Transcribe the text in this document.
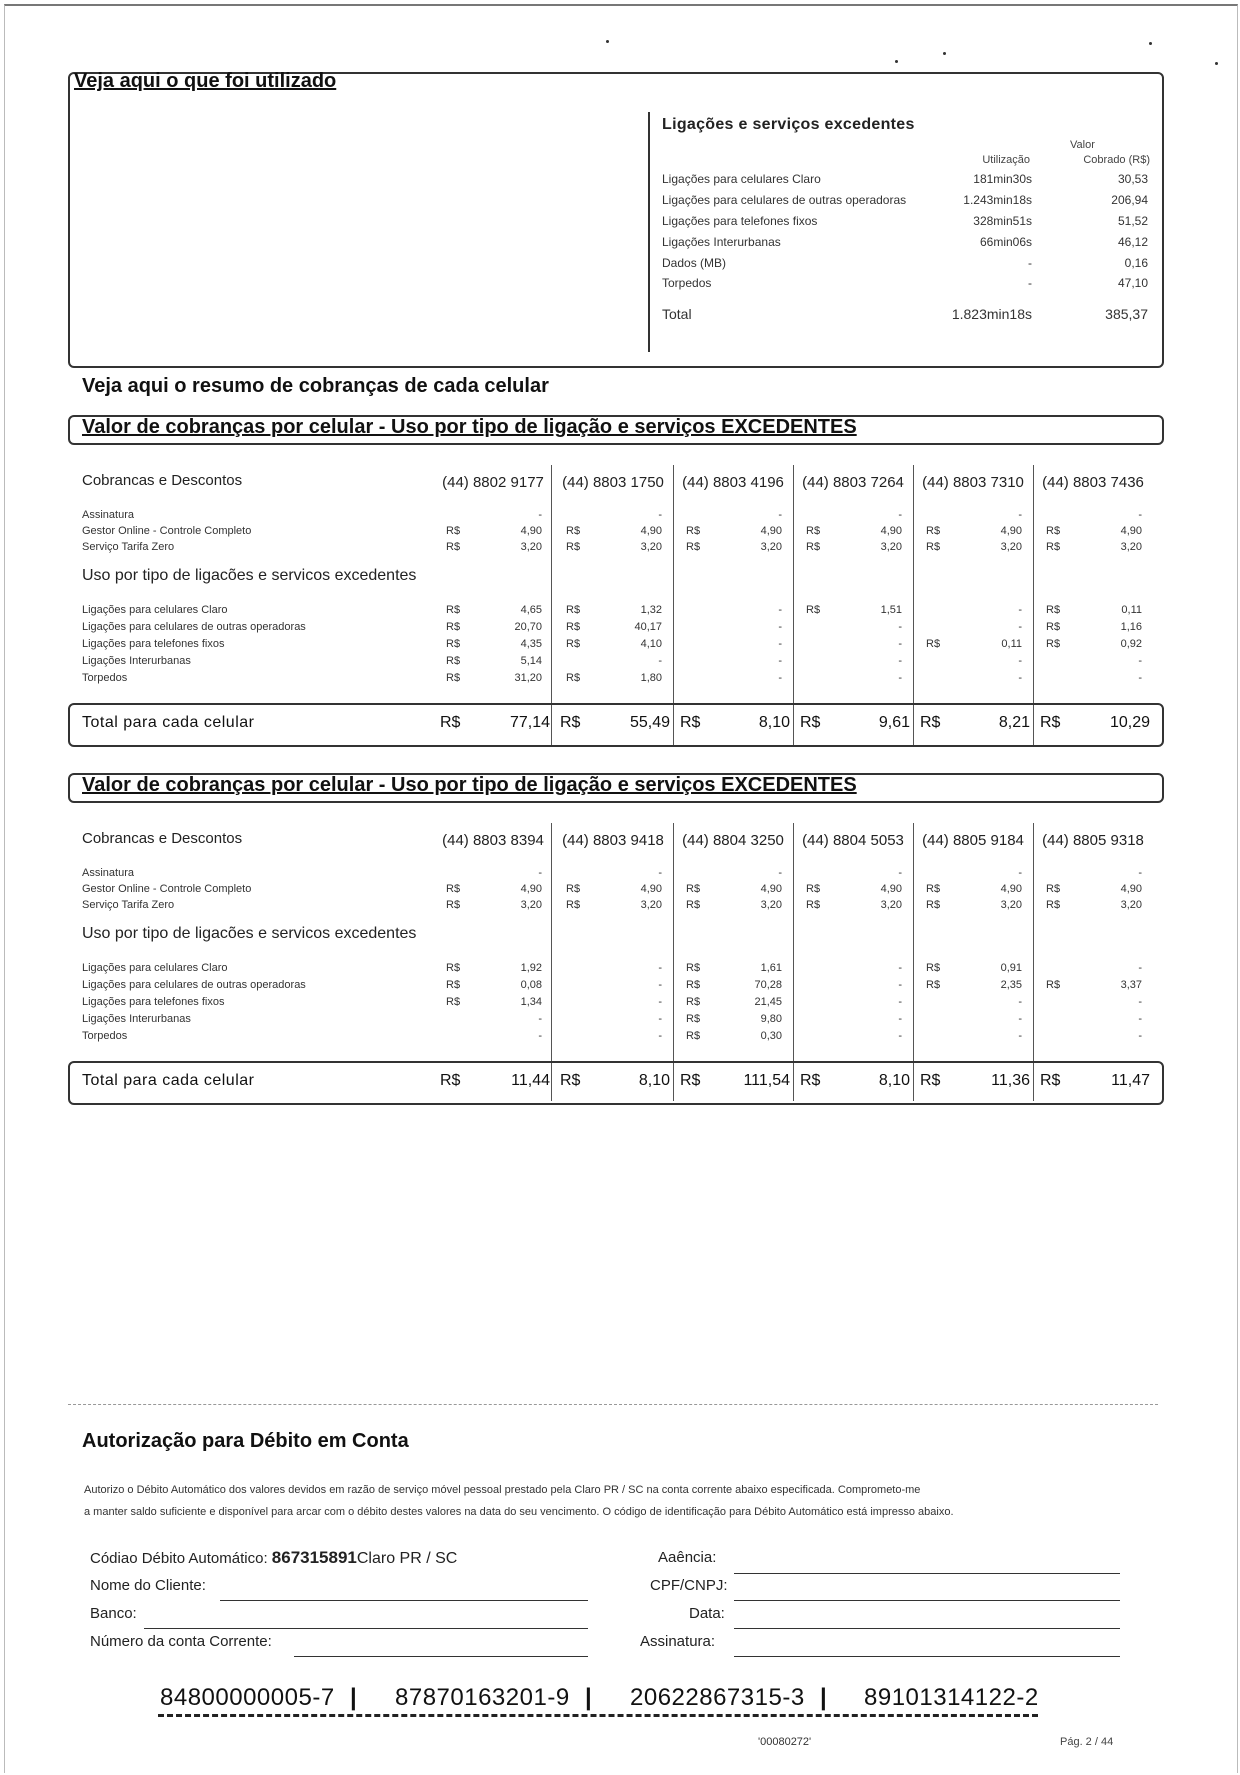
Veja aqui o que foi utilizado
Ligações e serviços excedentes
Utilização
Valor
Cobrado (R$)
Ligações para celulares Claro	181min30s	30,53
Ligações para celulares de outras operadoras	1.243min18s	206,94
Ligações para telefones fixos	328min51s	51,52
Ligações Interurbanas	66min06s	46,12
Dados (MB)	-	0,16
Torpedos	-	47,10
Total	1.823min18s	385,37
Veja aqui o resumo de cobranças de cada celular
Valor de cobranças por celular - Uso por tipo de ligação e serviços EXCEDENTES
Cobrancas e Descontos	(44) 8802 9177	(44) 8803 1750	(44) 8803 4196	(44) 8803 7264	(44) 8803 7310	(44) 8803 7436
Assinatura	-	-	-	-	-	-
Gestor Online - Controle Completo	R$	4,90 R$	4,90 R$	4,90 R$	4,90 R$	4,90 R$	4,90
Serviço Tarifa Zero	R$	3,20 R$	3,20 R$	3,20 R$	3,20 R$	3,20 R$	3,20
Uso por tipo de ligacões e servicos excedentes
Ligações para celulares Claro	R$	4,65 R$	1,32	- R$	1,51	- R$	0,11
Ligações para celulares de outras operadoras	R$	20,70 R$	40,17	-	-	- R$	1,16
Ligações para telefones fixos	R$	4,35 R$	4,10	-	- R$	0,11 R$	0,92
Ligações Interurbanas	R$	5,14	-	-	-	-	-
Torpedos	R$	31,20 R$	1,80	-	-	-	-
Total para cada celular	R$	77,14 R$	55,49 R$	8,10 R$	9,61 R$	8,21 R$	10,29
Valor de cobranças por celular - Uso por tipo de ligação e serviços EXCEDENTES
Cobrancas e Descontos	(44) 8803 8394	(44) 8803 9418	(44) 8804 3250	(44) 8804 5053	(44) 8805 9184	(44) 8805 9318
Assinatura	-	-	-	-	-	-
Gestor Online - Controle Completo	R$	4,90 R$	4,90 R$	4,90 R$	4,90 R$	4,90 R$	4,90
Serviço Tarifa Zero	R$	3,20 R$	3,20 R$	3,20 R$	3,20 R$	3,20 R$	3,20
Uso por tipo de ligacões e servicos excedentes
Ligações para celulares Claro	R$	1,92	- R$	1,61	- R$	0,91	-
Ligações para celulares de outras operadoras	R$	0,08	- R$	70,28	- R$	2,35 R$	3,37
Ligações para telefones fixos	R$	1,34	- R$	21,45	-	-	-
Ligações Interurbanas	-	- R$	9,80	-	-	-
Torpedos	-	- R$	0,30	-	-	-
Total para cada celular	R$	11,44 R$	8,10 R$	111,54 R$	8,10 R$	11,36 R$	11,47
Autorização para Débito em Conta
Autorizo o Débito Automático dos valores devidos em razão de serviço móvel pessoal prestado pela Claro PR / SC na conta corrente abaixo especificada. Comprometo-me
a manter saldo suficiente e disponível para arcar com o débito destes valores na data do seu vencimento. O código de identificação para Débito Automático está impresso abaixo.
Códiao Débito Automático: 867315891Claro PR / SC
Nome do Cliente:
Banco:
Número da conta Corrente:
Aaência:
CPF/CNPJ:
Data:
Assinatura:
84800000005-7 | 87870163201-9 | 20622867315-3 | 89101314122-2
'00080272'	Pág. 2 / 44
